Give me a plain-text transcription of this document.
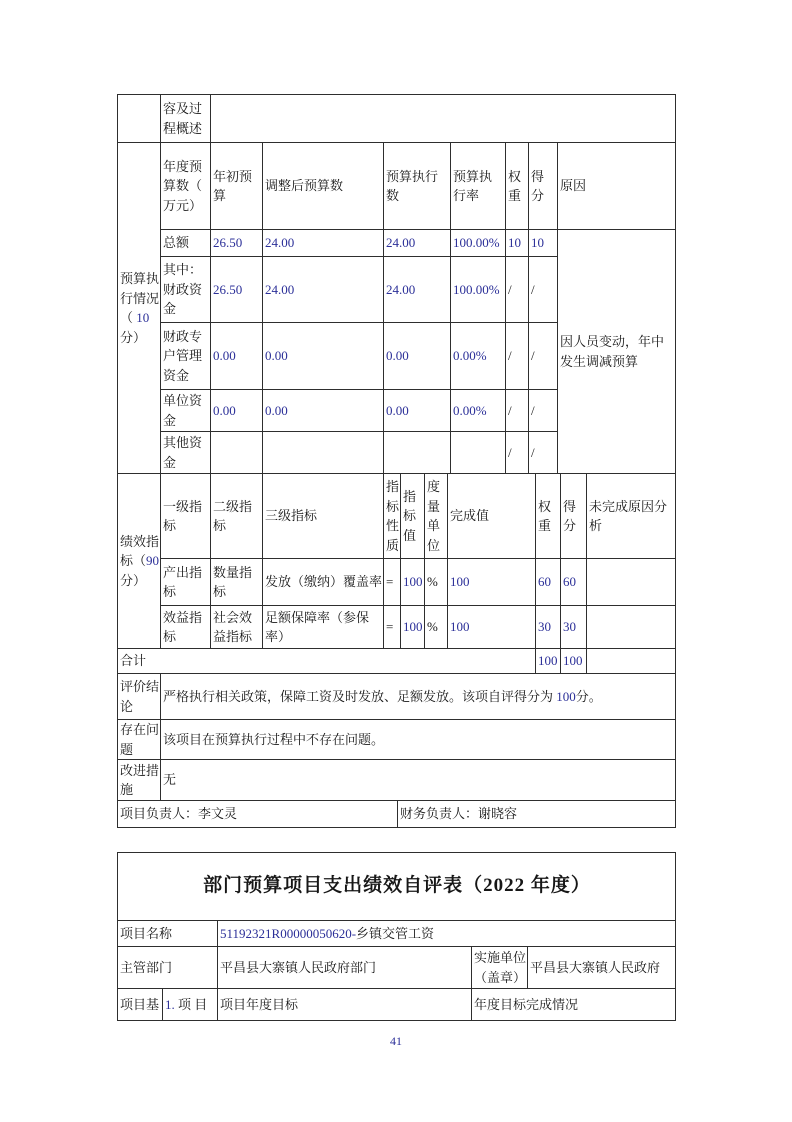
	容及过程概述	
预算执行情况（ 10分）	年度预算数（ 万元）	年初预算	调整后预算数	预算执行数	预算执行率	权重	得分	原因
	总额	26.50	24.00	24.00	100.00%	10	10	因人员变动，年中发生调减预算
	其中：财政资金	26.50	24.00	24.00	100.00%	/	/	
	财政专户管理资金	0.00	0.00	0.00	0.00%	/	/	
	单位资金	0.00	0.00	0.00	0.00%	/	/	
	其他资金					/	/	
绩效指标（90分）	一级指标	二级指标	三级指标	指标性质	指标值	度量单位	完成值	权重	得分	未完成原因分析
	产出指标	数量指标	发放（缴纳）覆盖率	=	100	%	100	60	60	
	效益指标	社会效益指标	足额保障率（参保率）	=	100	%	100	30	30	
合计	100	100	
评价结论	严格执行相关政策，保障工资及时发放、足额发放。该项自评得分为 100分。
存在问题	该项目在预算执行过程中不存在问题。
改进措施	无
项目负责人：李文灵	财务负责人：谢晓容
部门预算项目支出绩效自评表（2022 年度）
项目名称	51192321R00000050620-乡镇交管工资
主管部门	平昌县大寨镇人民政府部门	实施单位（盖章）	平昌县大寨镇人民政府
项目基	1. 项 目	项目年度目标	年度目标完成情况
41
